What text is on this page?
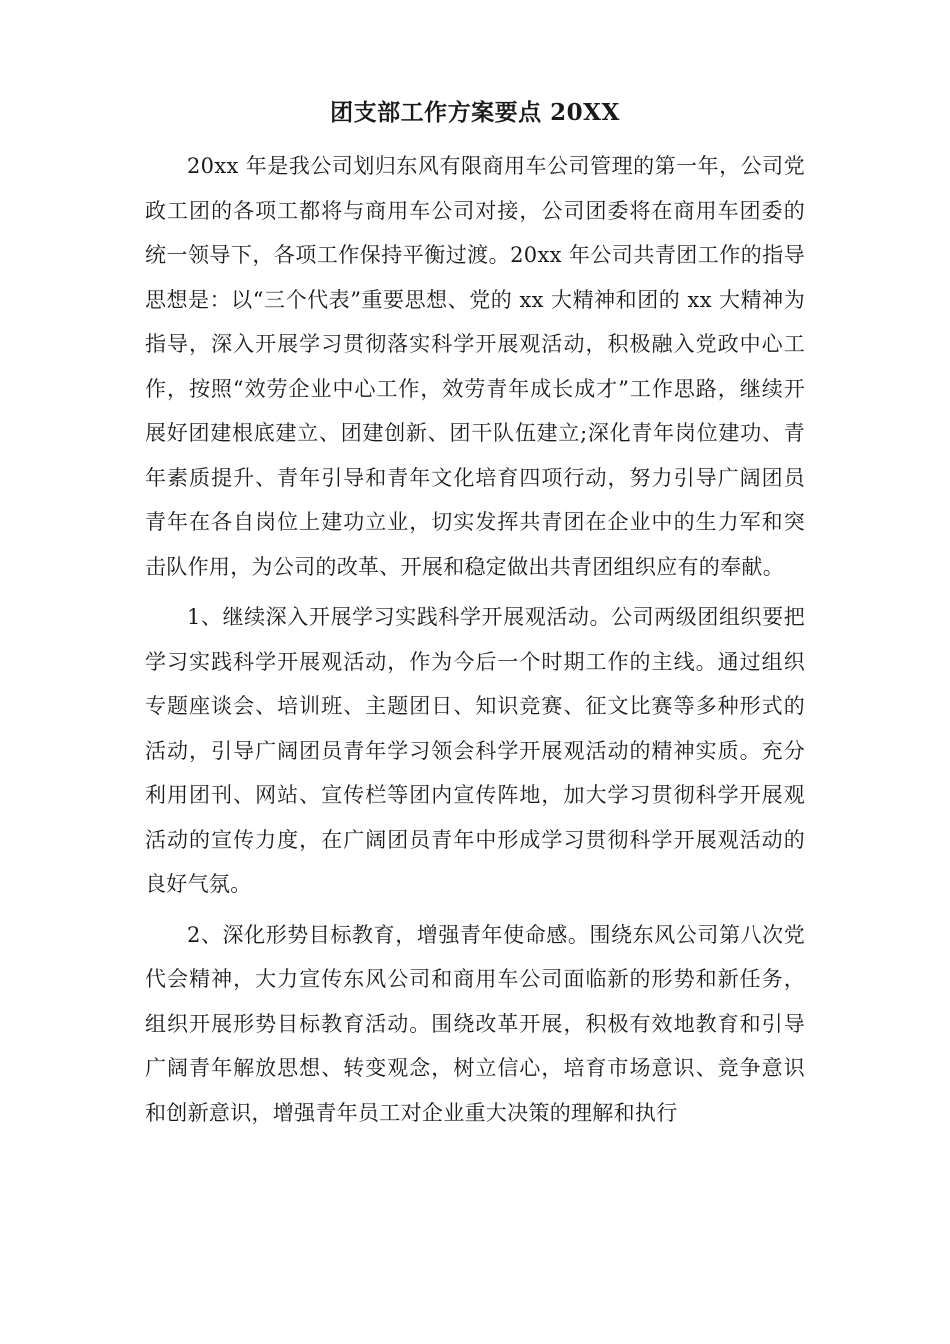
团支部工作方案要点 20XX

20xx 年是我公司划归东风有限商用车公司管理的第一年，公司党政工团的各项工都将与商用车公司对接，公司团委将在商用车团委的统一领导下，各项工作保持平衡过渡。20xx 年公司共青团工作的指导思想是：以“三个代表”重要思想、党的 xx 大精神和团的 xx 大精神为指导，深入开展学习贯彻落实科学开展观活动，积极融入党政中心工作，按照“效劳企业中心工作，效劳青年成长成才”工作思路，继续开展好团建根底建立、团建创新、团干队伍建立;深化青年岗位建功、青年素质提升、青年引导和青年文化培育四项行动，努力引导广阔团员青年在各自岗位上建功立业，切实发挥共青团在企业中的生力军和突击队作用，为公司的改革、开展和稳定做出共青团组织应有的奉献。

1、继续深入开展学习实践科学开展观活动。公司两级团组织要把学习实践科学开展观活动，作为今后一个时期工作的主线。通过组织专题座谈会、培训班、主题团日、知识竞赛、征文比赛等多种形式的活动，引导广阔团员青年学习领会科学开展观活动的精神实质。充分利用团刊、网站、宣传栏等团内宣传阵地，加大学习贯彻科学开展观活动的宣传力度，在广阔团员青年中形成学习贯彻科学开展观活动的良好气氛。

2、深化形势目标教育，增强青年使命感。围绕东风公司第八次党代会精神，大力宣传东风公司和商用车公司面临新的形势和新任务，组织开展形势目标教育活动。围绕改革开展，积极有效地教育和引导广阔青年解放思想、转变观念，树立信心，培育市场意识、竞争意识和创新意识，增强青年员工对企业重大决策的理解和执行
